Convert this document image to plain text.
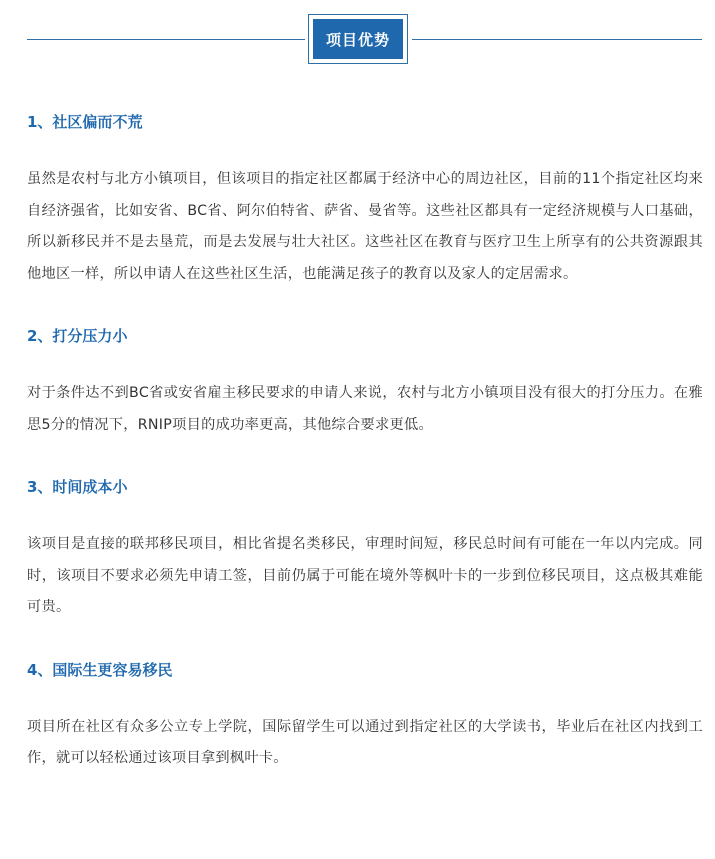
项目优势
1、社区偏而不荒
虽然是农村与北方小镇项目，但该项目的指定社区都属于经济中心的周边社区，目前的11个指定社区均来自经济强省，比如安省、BC省、阿尔伯特省、萨省、曼省等。这些社区都具有一定经济规模与人口基础，所以新移民并不是去垦荒，而是去发展与壮大社区。这些社区在教育与医疗卫生上所享有的公共资源跟其他地区一样，所以申请人在这些社区生活，也能满足孩子的教育以及家人的定居需求。
2、打分压力小
对于条件达不到BC省或安省雇主移民要求的申请人来说，农村与北方小镇项目没有很大的打分压力。在雅思5分的情况下，RNIP项目的成功率更高，其他综合要求更低。
3、时间成本小
该项目是直接的联邦移民项目，相比省提名类移民，审理时间短，移民总时间有可能在一年以内完成。同时，该项目不要求必须先申请工签，目前仍属于可能在境外等枫叶卡的一步到位移民项目，这点极其难能可贵。
4、国际生更容易移民
项目所在社区有众多公立专上学院，国际留学生可以通过到指定社区的大学读书，毕业后在社区内找到工作，就可以轻松通过该项目拿到枫叶卡。
